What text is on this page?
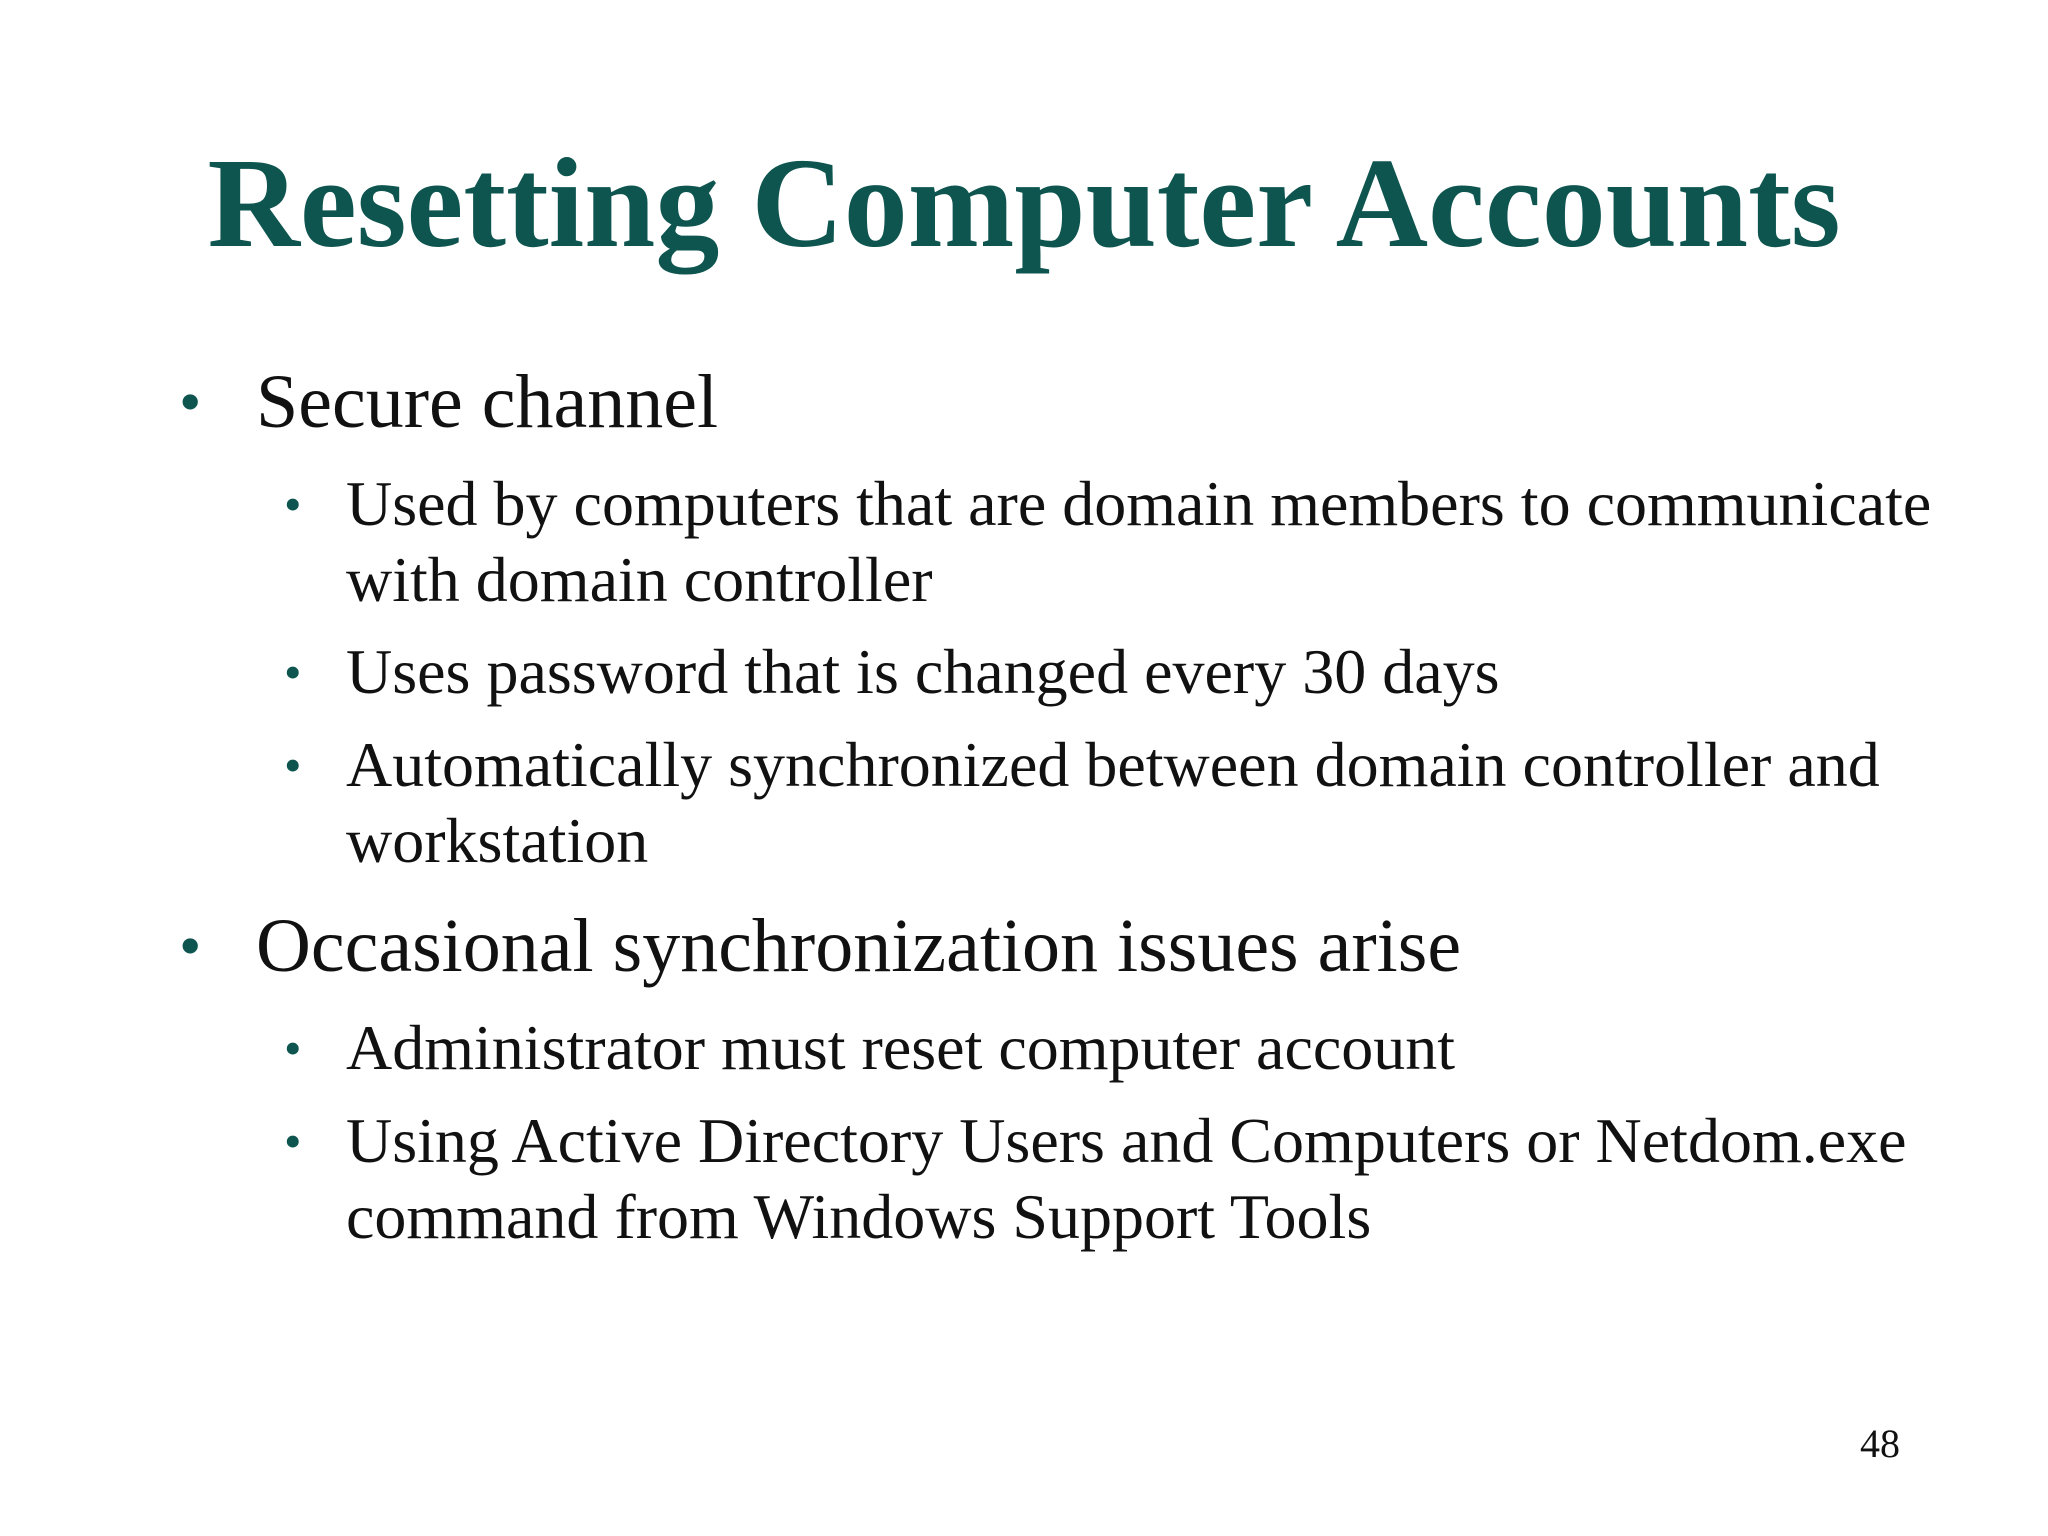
Resetting Computer Accounts
• Secure channel
• Used by computers that are domain members to communicate with domain controller
• Uses password that is changed every 30 days
• Automatically synchronized between domain controller and workstation
• Occasional synchronization issues arise
• Administrator must reset computer account
• Using Active Directory Users and Computers or Netdom.exe command from Windows Support Tools
48
